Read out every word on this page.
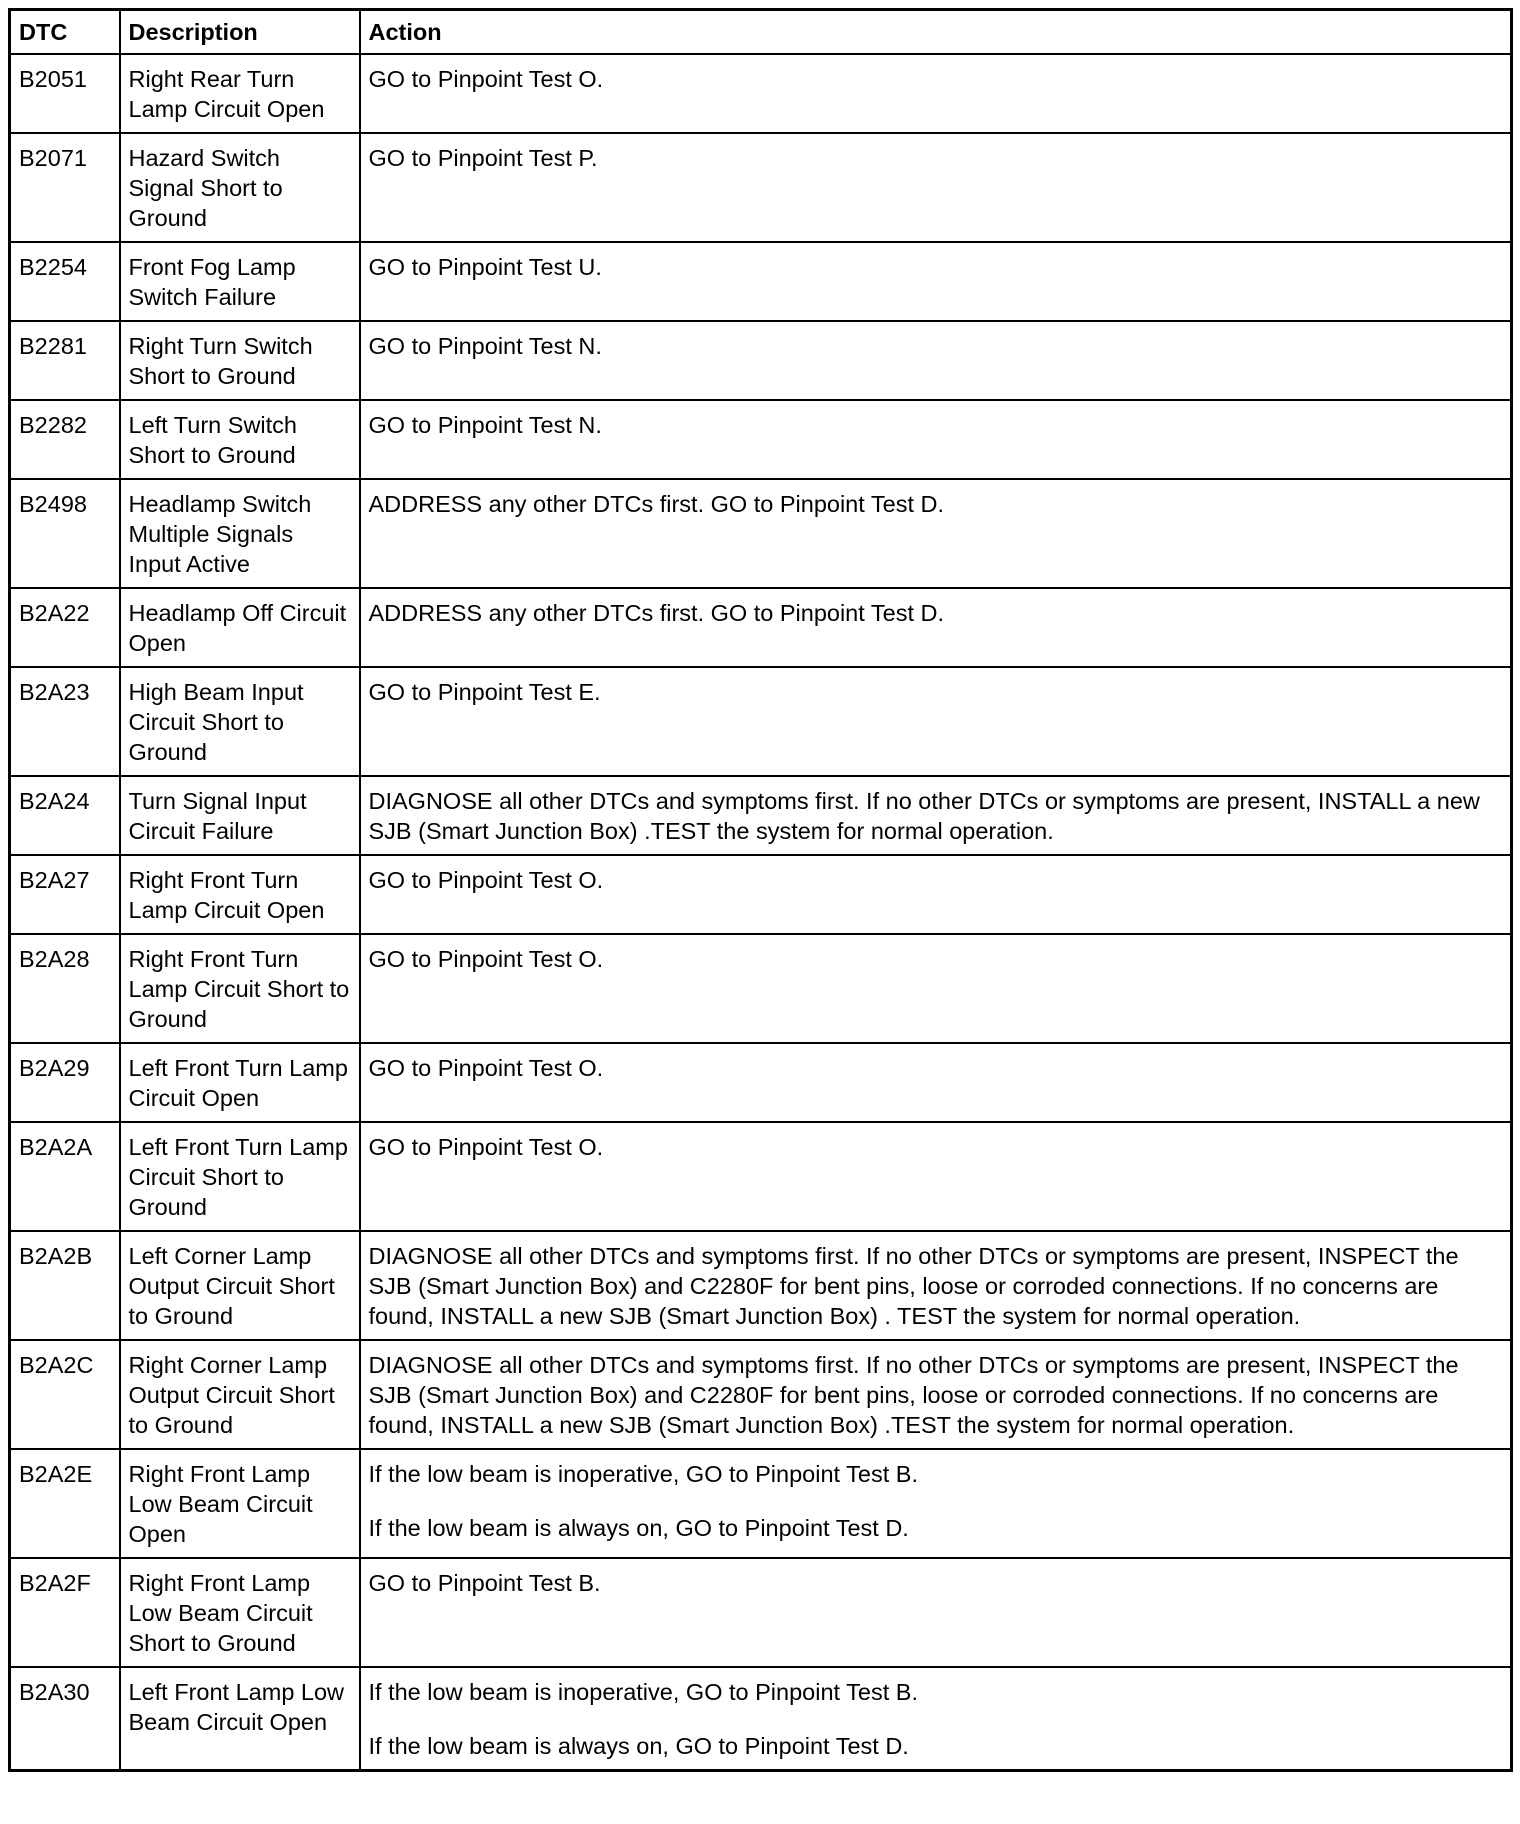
DTC	Description	Action
B2051	Right Rear Turn Lamp Circuit Open	GO to Pinpoint Test O.

B2071	Hazard Switch Signal Short to Ground	GO to Pinpoint Test P.

B2254	Front Fog Lamp Switch Failure	GO to Pinpoint Test U.

B2281	Right Turn Switch Short to Ground	GO to Pinpoint Test N.

B2282	Left Turn Switch Short to Ground	GO to Pinpoint Test N.

B2498	Headlamp Switch Multiple Signals Input Active	ADDRESS any other DTCs first. GO to Pinpoint Test D.

B2A22	Headlamp Off Circuit Open	ADDRESS any other DTCs first. GO to Pinpoint Test D.

B2A23	High Beam Input Circuit Short to Ground	GO to Pinpoint Test E.

B2A24	Turn Signal Input Circuit Failure	DIAGNOSE all other DTCs and symptoms first. If no other DTCs or symptoms are present, INSTALL a new SJB (Smart Junction Box) .TEST the system for normal operation.

B2A27	Right Front Turn Lamp Circuit Open	GO to Pinpoint Test O.

B2A28	Right Front Turn Lamp Circuit Short to Ground	GO to Pinpoint Test O.

B2A29	Left Front Turn Lamp Circuit Open	GO to Pinpoint Test O.

B2A2A	Left Front Turn Lamp Circuit Short to Ground	GO to Pinpoint Test O.

B2A2B	Left Corner Lamp Output Circuit Short to Ground	DIAGNOSE all other DTCs and symptoms first. If no other DTCs or symptoms are present, INSPECT the SJB (Smart Junction Box) and C2280F for bent pins, loose or corroded connections. If no concerns are found, INSTALL a new SJB (Smart Junction Box) . TEST the system for normal operation.

B2A2C	Right Corner Lamp Output Circuit Short to Ground	DIAGNOSE all other DTCs and symptoms first. If no other DTCs or symptoms are present, INSPECT the SJB (Smart Junction Box) and C2280F for bent pins, loose or corroded connections. If no concerns are found, INSTALL a new SJB (Smart Junction Box) .TEST the system for normal operation.

B2A2E	Right Front Lamp Low Beam Circuit Open	If the low beam is inoperative, GO to Pinpoint Test B.
If the low beam is always on, GO to Pinpoint Test D.

B2A2F	Right Front Lamp Low Beam Circuit Short to Ground	GO to Pinpoint Test B.

B2A30	Left Front Lamp Low Beam Circuit Open	If the low beam is inoperative, GO to Pinpoint Test B.
If the low beam is always on, GO to Pinpoint Test D.
